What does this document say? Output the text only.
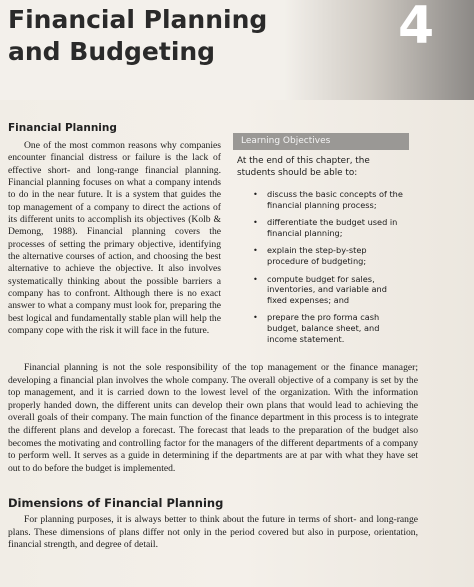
Financial Planning
and Budgeting	4
Financial Planning

One of the most common reasons why companies encounter financial distress or failure is the lack of effective short- and long-range financial planning. Financial planning focuses on what a company intends to do in the near future. It is a system that guides the top management of a company to direct the actions of its different units to accomplish its objectives (Kolb & Demong, 1988). Financial planning covers the processes of setting the primary objective, identifying the alternative courses of action, and choosing the best alternative to achieve the objective. It also involves systematically thinking about the possible barriers a company has to confront. Although there is no exact answer to what a company must look for, preparing the best logical and fundamentally stable plan will help the company cope with the risk it will face in the future.

Learning Objectives
At the end of this chapter, the students should be able to:
• discuss the basic concepts of the financial planning process;
• differentiate the budget used in financial planning;
• explain the step-by-step procedure of budgeting;
• compute budget for sales, inventories, and variable and fixed expenses; and
• prepare the pro forma cash budget, balance sheet, and income statement.

Financial planning is not the sole responsibility of the top management or the finance manager; developing a financial plan involves the whole company. The overall objective of a company is set by the top management, and it is carried down to the lowest level of the organization. With the information properly handed down, the different units can develop their own plans that would lead to achieving the overall goals of their company. The main function of the finance department in this process is to integrate the different plans and develop a forecast. The forecast that leads to the preparation of the budget also becomes the motivating and controlling factor for the managers of the different departments of a company to perform well. It serves as a guide in determining if the departments are at par with what they have set out to do before the budget is implemented.

Dimensions of Financial Planning

For planning purposes, it is always better to think about the future in terms of short- and long-range plans. These dimensions of plans differ not only in the period covered but also in purpose, orientation, financial strength, and degree of detail.
